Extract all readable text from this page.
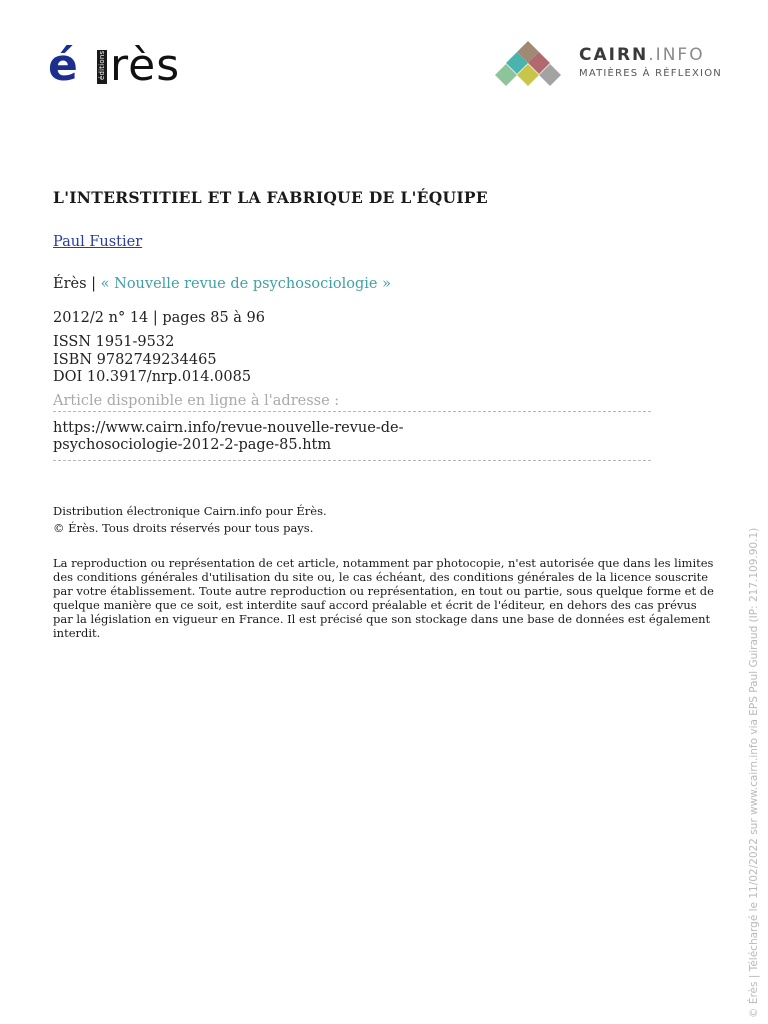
é	éditions rès	CAIRN.INFO
MATIÈRES À RÉFLEXION
L'INTERSTITIEL ET LA FABRIQUE DE L'ÉQUIPE
Paul Fustier
Érès | « Nouvelle revue de psychosociologie »
2012/2 n° 14 | pages 85 à 96
ISSN 1951-9532
ISBN 9782749234465
DOI 10.3917/nrp.014.0085
Article disponible en ligne à l'adresse :
https://www.cairn.info/revue-nouvelle-revue-de-psychosociologie-2012-2-page-85.htm
Distribution électronique Cairn.info pour Érès.
© Érès. Tous droits réservés pour tous pays.
La reproduction ou représentation de cet article, notamment par photocopie, n'est autorisée que dans les limites des conditions générales d'utilisation du site ou, le cas échéant, des conditions générales de la licence souscrite par votre établissement. Toute autre reproduction ou représentation, en tout ou partie, sous quelque forme et de quelque manière que ce soit, est interdite sauf accord préalable et écrit de l'éditeur, en dehors des cas prévus par la législation en vigueur en France. Il est précisé que son stockage dans une base de données est également interdit.	© Érès | Téléchargé le 11/02/2022 sur www.cairn.info via EPS Paul Guiraud (IP: 217.109.90.1)
